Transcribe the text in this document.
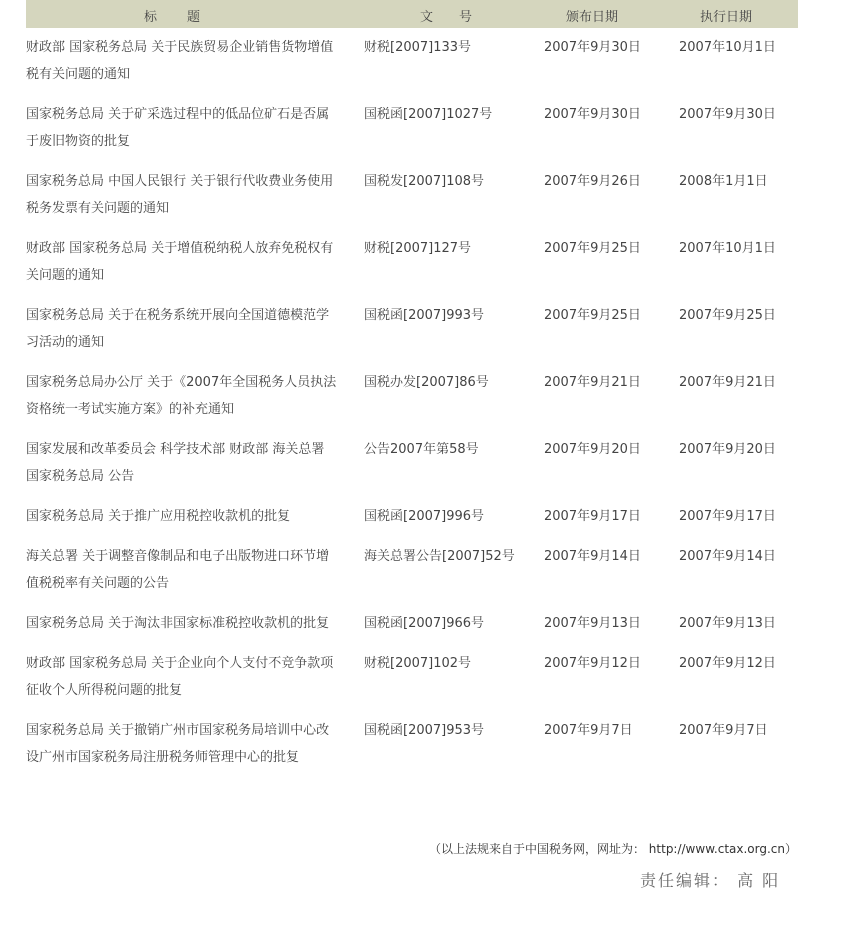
标题	文号	颁布日期	执行日期
财政部 国家税务总局 关于民族贸易企业销售货物增值税有关问题的通知	财税[2007]133号	2007年9月30日	2007年10月1日

国家税务总局 关于矿采选过程中的低品位矿石是否属于废旧物资的批复	国税函[2007]1027号	2007年9月30日	2007年9月30日

国家税务总局 中国人民银行 关于银行代收费业务使用税务发票有关问题的通知	国税发[2007]108号	2007年9月26日	2008年1月1日

财政部 国家税务总局 关于增值税纳税人放弃免税权有关问题的通知	财税[2007]127号	2007年9月25日	2007年10月1日

国家税务总局 关于在税务系统开展向全国道德模范学习活动的通知	国税函[2007]993号	2007年9月25日	2007年9月25日

国家税务总局办公厅 关于《2007年全国税务人员执法资格统一考试实施方案》的补充通知	国税办发[2007]86号	2007年9月21日	2007年9月21日

国家发展和改革委员会 科学技术部 财政部 海关总署 国家税务总局 公告	公告2007年第58号	2007年9月20日	2007年9月20日

国家税务总局 关于推广应用税控收款机的批复	国税函[2007]996号	2007年9月17日	2007年9月17日

海关总署 关于调整音像制品和电子出版物进口环节增值税税率有关问题的公告	海关总署公告[2007]52号	2007年9月14日	2007年9月14日

国家税务总局 关于淘汰非国家标准税控收款机的批复	国税函[2007]966号	2007年9月13日	2007年9月13日

财政部 国家税务总局 关于企业向个人支付不竞争款项征收个人所得税问题的批复	财税[2007]102号	2007年9月12日	2007年9月12日

国家税务总局 关于撤销广州市国家税务局培训中心改设广州市国家税务局注册税务师管理中心的批复	国税函[2007]953号	2007年9月7日	2007年9月7日
（以上法规来自于中国税务网，网址为： http://www.ctax.org.cn）
责任编辑： 高 阳
